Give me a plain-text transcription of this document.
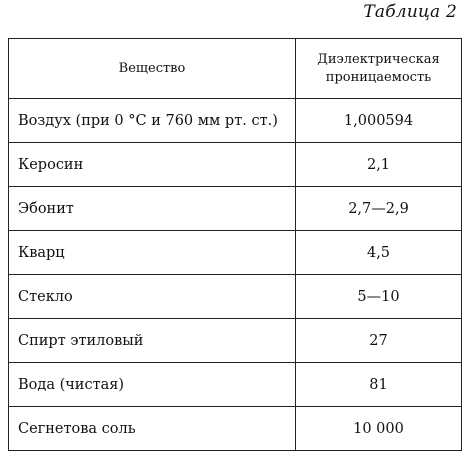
Таблица 2
Вещество	Диэлектрическая проницаемость
Воздух (при 0 °С и 760 мм рт. ст.)	1,000594
Керосин	2,1
Эбонит	2,7—2,9
Кварц	4,5
Стекло	5—10
Спирт этиловый	27
Вода (чистая)	81
Сегнетова соль	10 000
